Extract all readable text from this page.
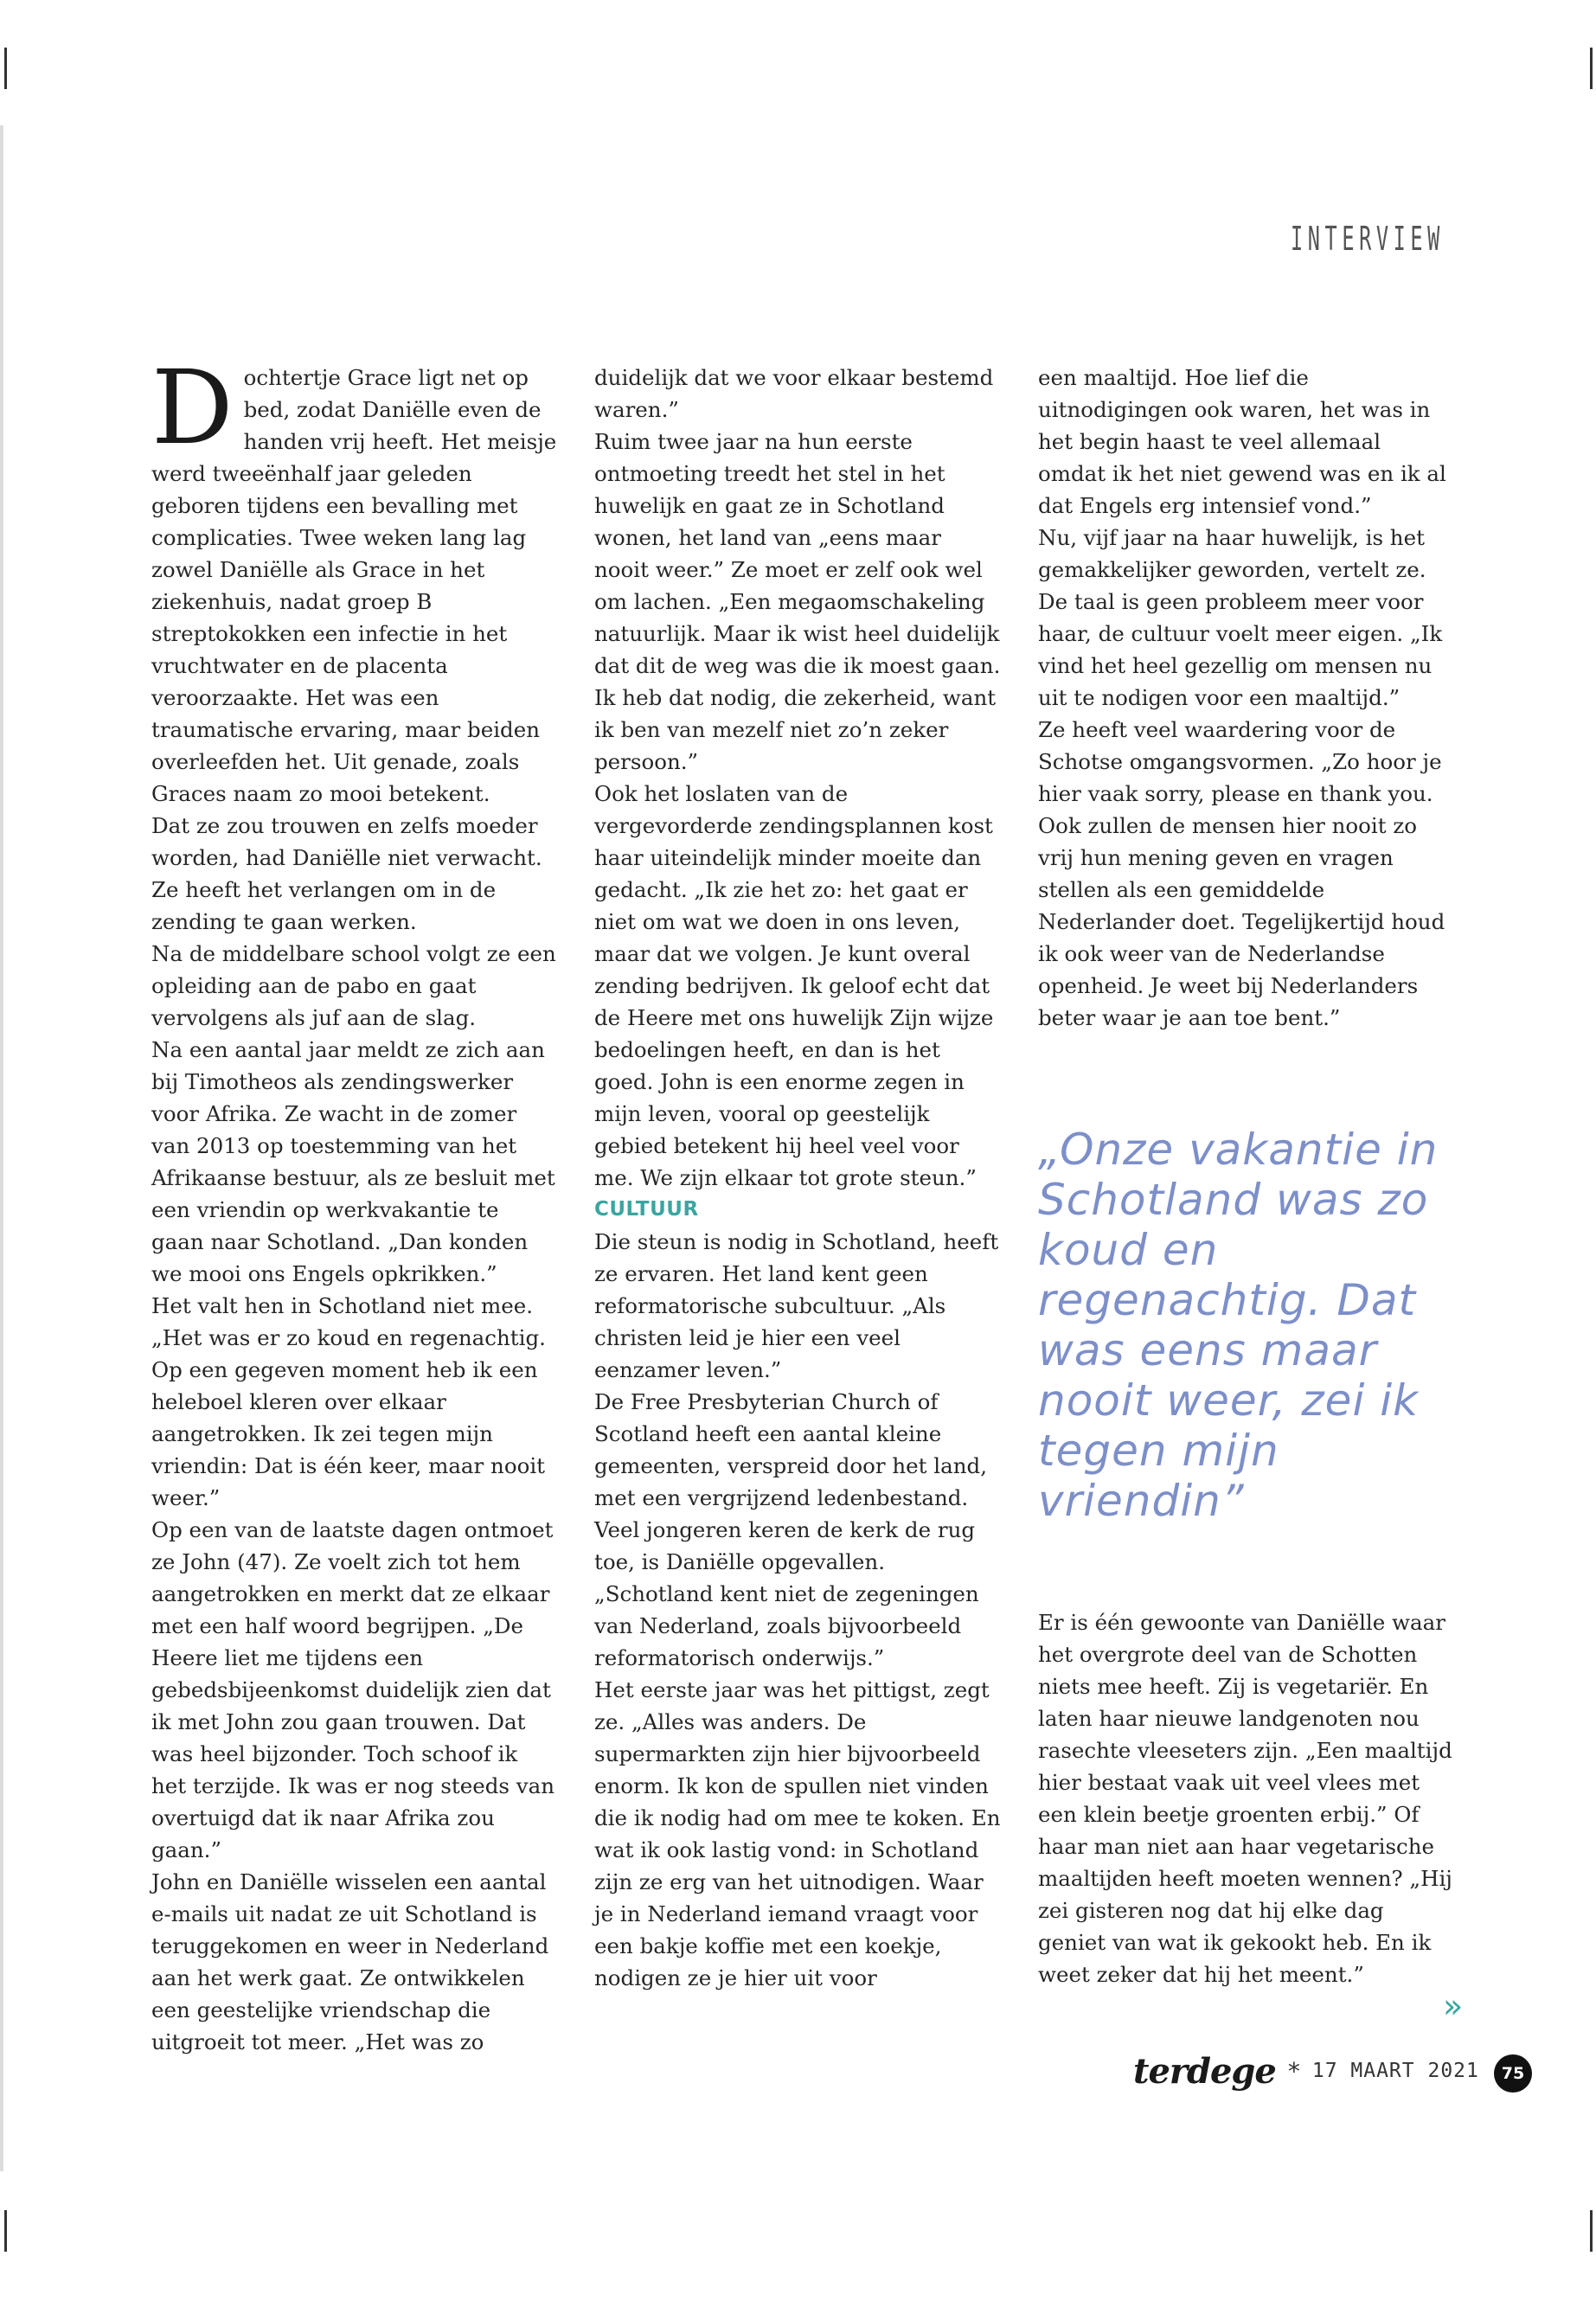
INTERVIEW

Dochtertje Grace ligt net op bed, zodat Daniëlle even de handen vrij heeft. Het meisje werd tweeënhalf jaar geleden geboren tijdens een bevalling met complicaties. Twee weken lang lag zowel Daniëlle als Grace in het ziekenhuis, nadat groep B streptokokken een infectie in het vruchtwater en de placenta veroorzaakte. Het was een traumatische ervaring, maar beiden overleefden het. Uit genade, zoals Graces naam zo mooi betekent.

Dat ze zou trouwen en zelfs moeder worden, had Daniëlle niet verwacht. Ze heeft het verlangen om in de zending te gaan werken.

Na de middelbare school volgt ze een opleiding aan de pabo en gaat vervolgens als juf aan de slag.

Na een aantal jaar meldt ze zich aan bij Timotheos als zendingswerker voor Afrika. Ze wacht in de zomer van 2013 op toestemming van het Afrikaanse bestuur, als ze besluit met een vriendin op werkvakantie te gaan naar Schotland. „Dan konden we mooi ons Engels opkrikken.”

Het valt hen in Schotland niet mee. „Het was er zo koud en regenachtig. Op een gegeven moment heb ik een heleboel kleren over elkaar aangetrokken. Ik zei tegen mijn vriendin: Dat is één keer, maar nooit weer.”

Op een van de laatste dagen ontmoet ze John (47). Ze voelt zich tot hem aangetrokken en merkt dat ze elkaar met een half woord begrijpen. „De Heere liet me tijdens een gebedsbijeenkomst duidelijk zien dat ik met John zou gaan trouwen. Dat was heel bijzonder. Toch schoof ik het terzijde. Ik was er nog steeds van overtuigd dat ik naar Afrika zou gaan.”

John en Daniëlle wisselen een aantal e-mails uit nadat ze uit Schotland is teruggekomen en weer in Nederland aan het werk gaat. Ze ontwikkelen een geestelijke vriendschap die uitgroeit tot meer. „Het was zo

duidelijk dat we voor elkaar bestemd waren.”

Ruim twee jaar na hun eerste ontmoeting treedt het stel in het huwelijk en gaat ze in Schotland wonen, het land van „eens maar nooit weer.” Ze moet er zelf ook wel om lachen. „Een megaomschakeling natuurlijk. Maar ik wist heel duidelijk dat dit de weg was die ik moest gaan. Ik heb dat nodig, die zekerheid, want ik ben van mezelf niet zo’n zeker persoon.”

Ook het loslaten van de vergevorderde zendingsplannen kost haar uiteindelijk minder moeite dan gedacht. „Ik zie het zo: het gaat er niet om wat we doen in ons leven, maar dat we volgen. Je kunt overal zending bedrijven. Ik geloof echt dat de Heere met ons huwelijk Zijn wijze bedoelingen heeft, en dan is het goed. John is een enorme zegen in mijn leven, vooral op geestelijk gebied betekent hij heel veel voor me. We zijn elkaar tot grote steun.”

CULTUUR

Die steun is nodig in Schotland, heeft ze ervaren. Het land kent geen reformatorische subcultuur. „Als christen leid je hier een veel eenzamer leven.”

De Free Presbyterian Church of Scotland heeft een aantal kleine gemeenten, verspreid door het land, met een vergrijzend ledenbestand. Veel jongeren keren de kerk de rug toe, is Daniëlle opgevallen. „Schotland kent niet de zegeningen van Nederland, zoals bijvoorbeeld reformatorisch onderwijs.”

Het eerste jaar was het pittigst, zegt ze. „Alles was anders. De supermarkten zijn hier bijvoorbeeld enorm. Ik kon de spullen niet vinden die ik nodig had om mee te koken. En wat ik ook lastig vond: in Schotland zijn ze erg van het uitnodigen. Waar je in Nederland iemand vraagt voor een bakje koffie met een koekje, nodigen ze je hier uit voor

een maaltijd. Hoe lief die uitnodigingen ook waren, het was in het begin haast te veel allemaal omdat ik het niet gewend was en ik al dat Engels erg intensief vond.”

Nu, vijf jaar na haar huwelijk, is het gemakkelijker geworden, vertelt ze. De taal is geen probleem meer voor haar, de cultuur voelt meer eigen. „Ik vind het heel gezellig om mensen nu uit te nodigen voor een maaltijd.”

Ze heeft veel waardering voor de Schotse omgangsvormen. „Zo hoor je hier vaak sorry, please en thank you. Ook zullen de mensen hier nooit zo vrij hun mening geven en vragen stellen als een gemiddelde Nederlander doet. Tegelijkertijd houd ik ook weer van de Nederlandse openheid. Je weet bij Nederlanders beter waar je aan toe bent.”

„Onze vakantie in Schotland was zo koud en regenachtig. Dat was eens maar nooit weer, zei ik tegen mijn vriendin”

Er is één gewoonte van Daniëlle waar het overgrote deel van de Schotten niets mee heeft. Zij is vegetariër. En laten haar nieuwe landgenoten nou rasechte vleeseters zijn. „Een maaltijd hier bestaat vaak uit veel vlees met een klein beetje groenten erbij.” Of haar man niet aan haar vegetarische maaltijden heeft moeten wennen? „Hij zei gisteren nog dat hij elke dag geniet van wat ik gekookt heb. En ik weet zeker dat hij het meent.”

»
terdege * 17 MAART 2021	75
